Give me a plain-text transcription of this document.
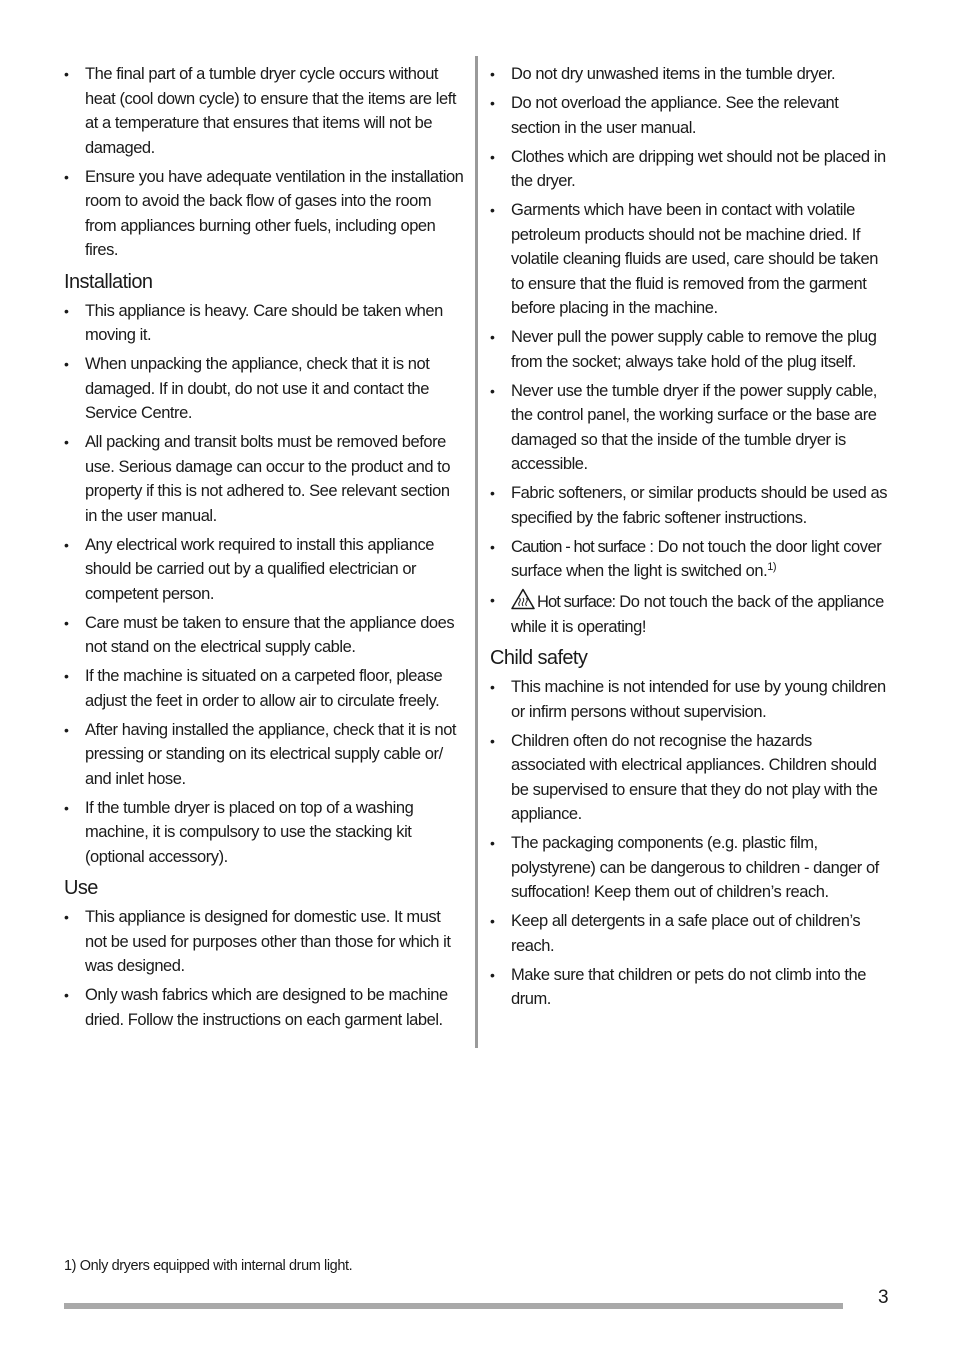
•	The final part of a tumble dryer cycle occurs without heat (cool down cycle) to ensure that the items are left at a temperature that ensures that items will not be damaged.
•	Ensure you have adequate ventilation in the installation room to avoid the back flow of gases into the room from appliances burning other fuels, including open fires.
Installation
•	This appliance is heavy. Care should be taken when moving it.
•	When unpacking the appliance, check that it is not damaged. If in doubt, do not use it and contact the Service Centre.
•	All packing and transit bolts must be removed before use. Serious damage can occur to the product and to property if this is not adhered to. See relevant section in the user manual.
•	Any electrical work required to install this appliance should be carried out by a qualified electrician or competent person.
•	Care must be taken to ensure that the appliance does not stand on the electrical supply cable.
•	If the machine is situated on a carpeted floor, please adjust the feet in order to allow air to circulate freely.
•	After having installed the appliance, check that it is not pressing or standing on its electrical supply cable or/ and inlet hose.
•	If the tumble dryer is placed on top of a washing machine, it is compulsory to use the stacking kit (optional accessory).
Use
•	This appliance is designed for domestic use. It must not be used for purposes other than those for which it was designed.
•	Only wash fabrics which are designed to be machine dried. Follow the instructions on each garment label.
•	Do not dry unwashed items in the tumble dryer.
•	Do not overload the appliance. See the relevant section in the user manual.
•	Clothes which are dripping wet should not be placed in the dryer.
•	Garments which have been in contact with volatile petroleum products should not be machine dried. If volatile cleaning fluids are used, care should be taken to ensure that the fluid is removed from the garment before placing in the machine.
•	Never pull the power supply cable to remove the plug from the socket; always take hold of the plug itself.
•	Never use the tumble dryer if the power supply cable, the control panel, the working surface or the base are damaged so that the inside of the tumble dryer is accessible.
•	Fabric softeners, or similar products should be used as specified by the fabric softener instructions.
•	Caution - hot surface : Do not touch the door light cover surface when the light is switched on.$^{1)}$
•	Hot surface: Do not touch the back of the appliance while it is operating!
Child safety
•	This machine is not intended for use by young children or infirm persons without supervision.
•	Children often do not recognise the hazards associated with electrical appliances. Children should be supervised to ensure that they do not play with the appliance.
•	The packaging components (e.g. plastic film, polystyrene) can be dangerous to children - danger of suffocation! Keep them out of children’s reach.
•	Keep all detergents in a safe place out of children’s reach.
•	Make sure that children or pets do not climb into the drum.
1) Only dryers equipped with internal drum light.
3
